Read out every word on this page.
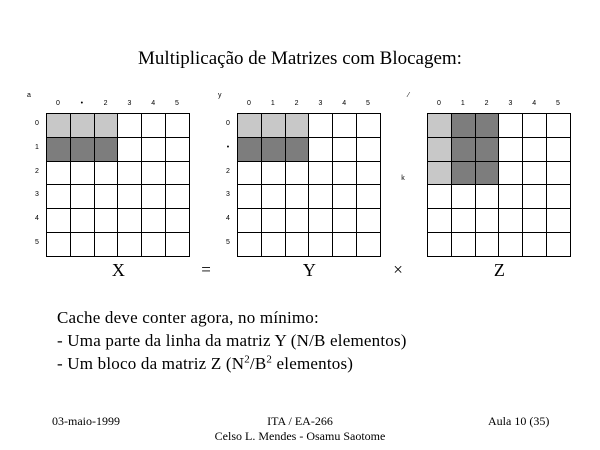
Multiplicação de Matrizes com Blocagem:
a
0	•	2	3	4	5
0
1
2
3
4
5
X
y
0	1	2	3	4	5
0
•
2
3
4
5
Y
⁄
0	1	2	3	4	5
k
Z
=	×
Cache deve conter agora, no mínimo:
- Uma parte da linha da matriz Y (N/B elementos)
- Um bloco da matriz Z ($N^2/B^2$ elementos)
03-maio-1999	ITA / EA-266
Celso L. Mendes - Osamu Saotome
Aula 10 (35)
